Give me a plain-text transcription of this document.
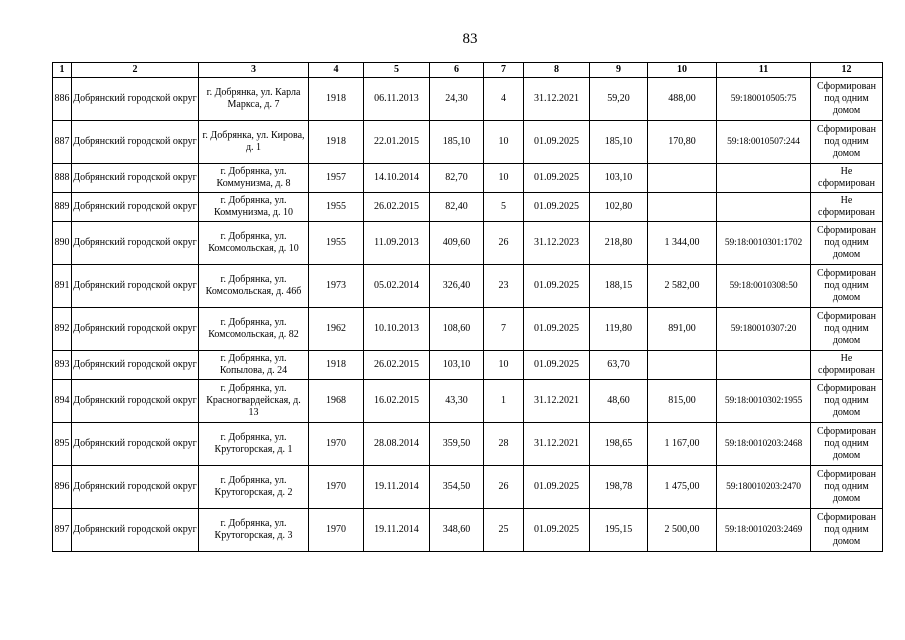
83
1	2	3	4	5	6	7	8	9	10	11	12
886	Добрянский городской округ	г. Добрянка, ул. Карла Маркса, д. 7	1918	06.11.2013	24,30	4	31.12.2021	59,20	488,00	59:180010505:75	Сформирован под одним домом
887	Добрянский городской округ	г. Добрянка, ул. Кирова, д. 1	1918	22.01.2015	185,10	10	01.09.2025	185,10	170,80	59:18:0010507:244	Сформирован под одним домом
888	Добрянский городской округ	г. Добрянка, ул. Коммунизма, д. 8	1957	14.10.2014	82,70	10	01.09.2025	103,10			Не сформирован
889	Добрянский городской округ	г. Добрянка, ул. Коммунизма, д. 10	1955	26.02.2015	82,40	5	01.09.2025	102,80			Не сформирован
890	Добрянский городской округ	г. Добрянка, ул. Комсомольская, д. 10	1955	11.09.2013	409,60	26	31.12.2023	218,80	1 344,00	59:18:0010301:1702	Сформирован под одним домом
891	Добрянский городской округ	г. Добрянка, ул. Комсомольская, д. 46б	1973	05.02.2014	326,40	23	01.09.2025	188,15	2 582,00	59:18:0010308:50	Сформирован под одним домом
892	Добрянский городской округ	г. Добрянка, ул. Комсомольская, д. 82	1962	10.10.2013	108,60	7	01.09.2025	119,80	891,00	59:180010307:20	Сформирован под одним домом
893	Добрянский городской округ	г. Добрянка, ул. Копылова, д. 24	1918	26.02.2015	103,10	10	01.09.2025	63,70			Не сформирован
894	Добрянский городской округ	г. Добрянка, ул. Красногвардейская, д. 13	1968	16.02.2015	43,30	1	31.12.2021	48,60	815,00	59:18:0010302:1955	Сформирован под одним домом
895	Добрянский городской округ	г. Добрянка, ул. Крутогорская, д. 1	1970	28.08.2014	359,50	28	31.12.2021	198,65	1 167,00	59:18:0010203:2468	Сформирован под одним домом
896	Добрянский городской округ	г. Добрянка, ул. Крутогорская, д. 2	1970	19.11.2014	354,50	26	01.09.2025	198,78	1 475,00	59:180010203:2470	Сформирован под одним домом
897	Добрянский городской округ	г. Добрянка, ул. Крутогорская, д. 3	1970	19.11.2014	348,60	25	01.09.2025	195,15	2 500,00	59:18:0010203:2469	Сформирован под одним домом
